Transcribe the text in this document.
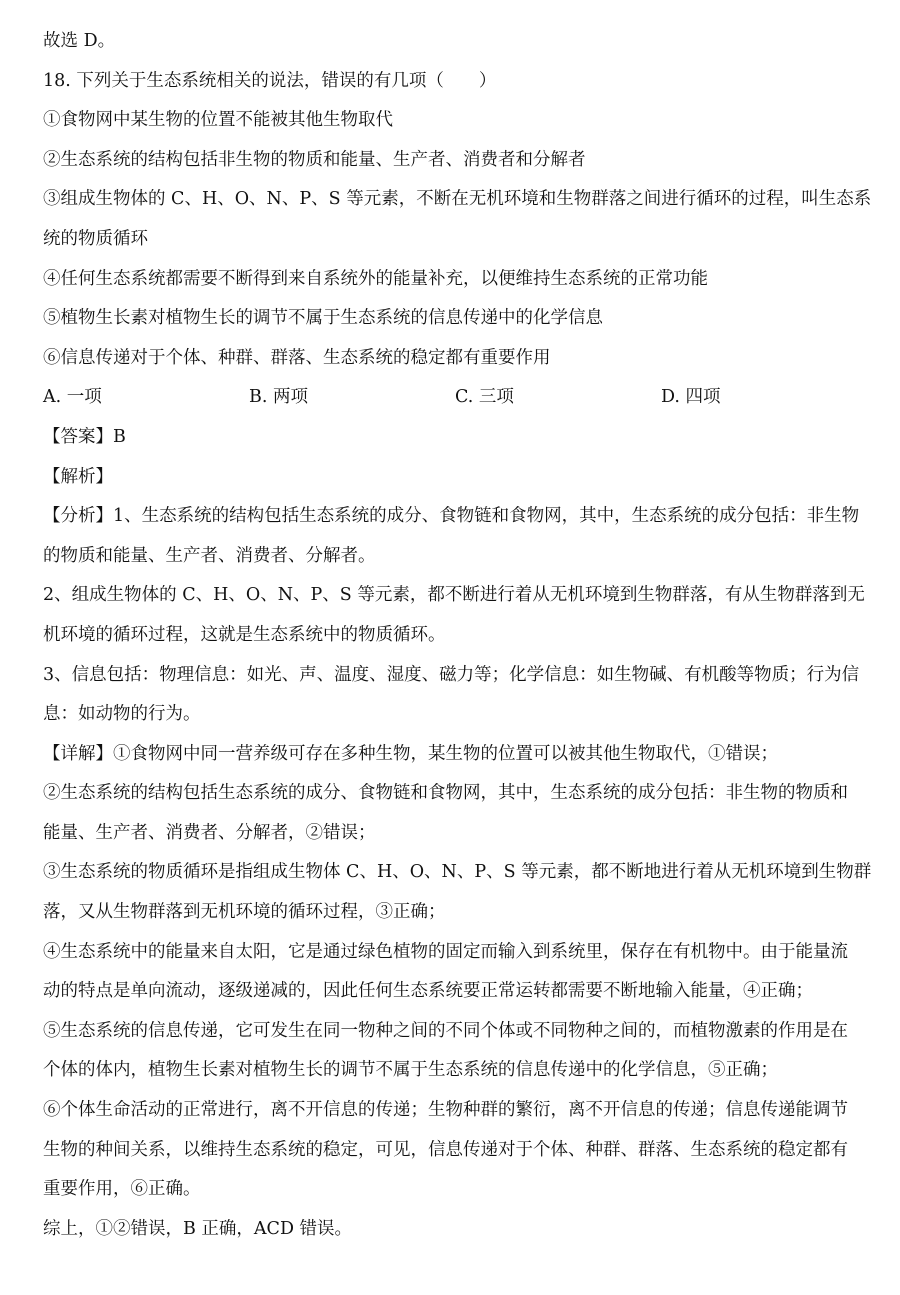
故选 D。
18. 下列关于生态系统相关的说法，错误的有几项（　　）
①食物网中某生物的位置不能被其他生物取代
②生态系统的结构包括非生物的物质和能量、生产者、消费者和分解者
③组成生物体的 C、H、O、N、P、S 等元素，不断在无机环境和生物群落之间进行循环的过程，叫生态系
统的物质循环
④任何生态系统都需要不断得到来自系统外的能量补充，以便维持生态系统的正常功能
⑤植物生长素对植物生长的调节不属于生态系统的信息传递中的化学信息
⑥信息传递对于个体、种群、群落、生态系统的稳定都有重要作用
A. 一项	B. 两项	C. 三项	D. 四项
【答案】B
【解析】
【分析】1、生态系统的结构包括生态系统的成分、食物链和食物网，其中，生态系统的成分包括：非生物
的物质和能量、生产者、消费者、分解者。
2、组成生物体的 C、H、O、N、P、S 等元素，都不断进行着从无机环境到生物群落，有从生物群落到无
机环境的循环过程，这就是生态系统中的物质循环。
3、信息包括：物理信息：如光、声、温度、湿度、磁力等；化学信息：如生物碱、有机酸等物质；行为信
息：如动物的行为。
【详解】①食物网中同一营养级可存在多种生物，某生物的位置可以被其他生物取代，①错误；
②生态系统的结构包括生态系统的成分、食物链和食物网，其中，生态系统的成分包括：非生物的物质和
能量、生产者、消费者、分解者，②错误；
③生态系统的物质循环是指组成生物体 C、H、O、N、P、S 等元素，都不断地进行着从无机环境到生物群
落，又从生物群落到无机环境的循环过程，③正确；
④生态系统中的能量来自太阳，它是通过绿色植物的固定而输入到系统里，保存在有机物中。由于能量流
动的特点是单向流动，逐级递减的，因此任何生态系统要正常运转都需要不断地输入能量，④正确；
⑤生态系统的信息传递，它可发生在同一物种之间的不同个体或不同物种之间的，而植物激素的作用是在
个体的体内，植物生长素对植物生长的调节不属于生态系统的信息传递中的化学信息，⑤正确；
⑥个体生命活动的正常进行，离不开信息的传递；生物种群的繁衍，离不开信息的传递；信息传递能调节
生物的种间关系，以维持生态系统的稳定，可见，信息传递对于个体、种群、群落、生态系统的稳定都有
重要作用，⑥正确。
综上，①②错误，B 正确，ACD 错误。
